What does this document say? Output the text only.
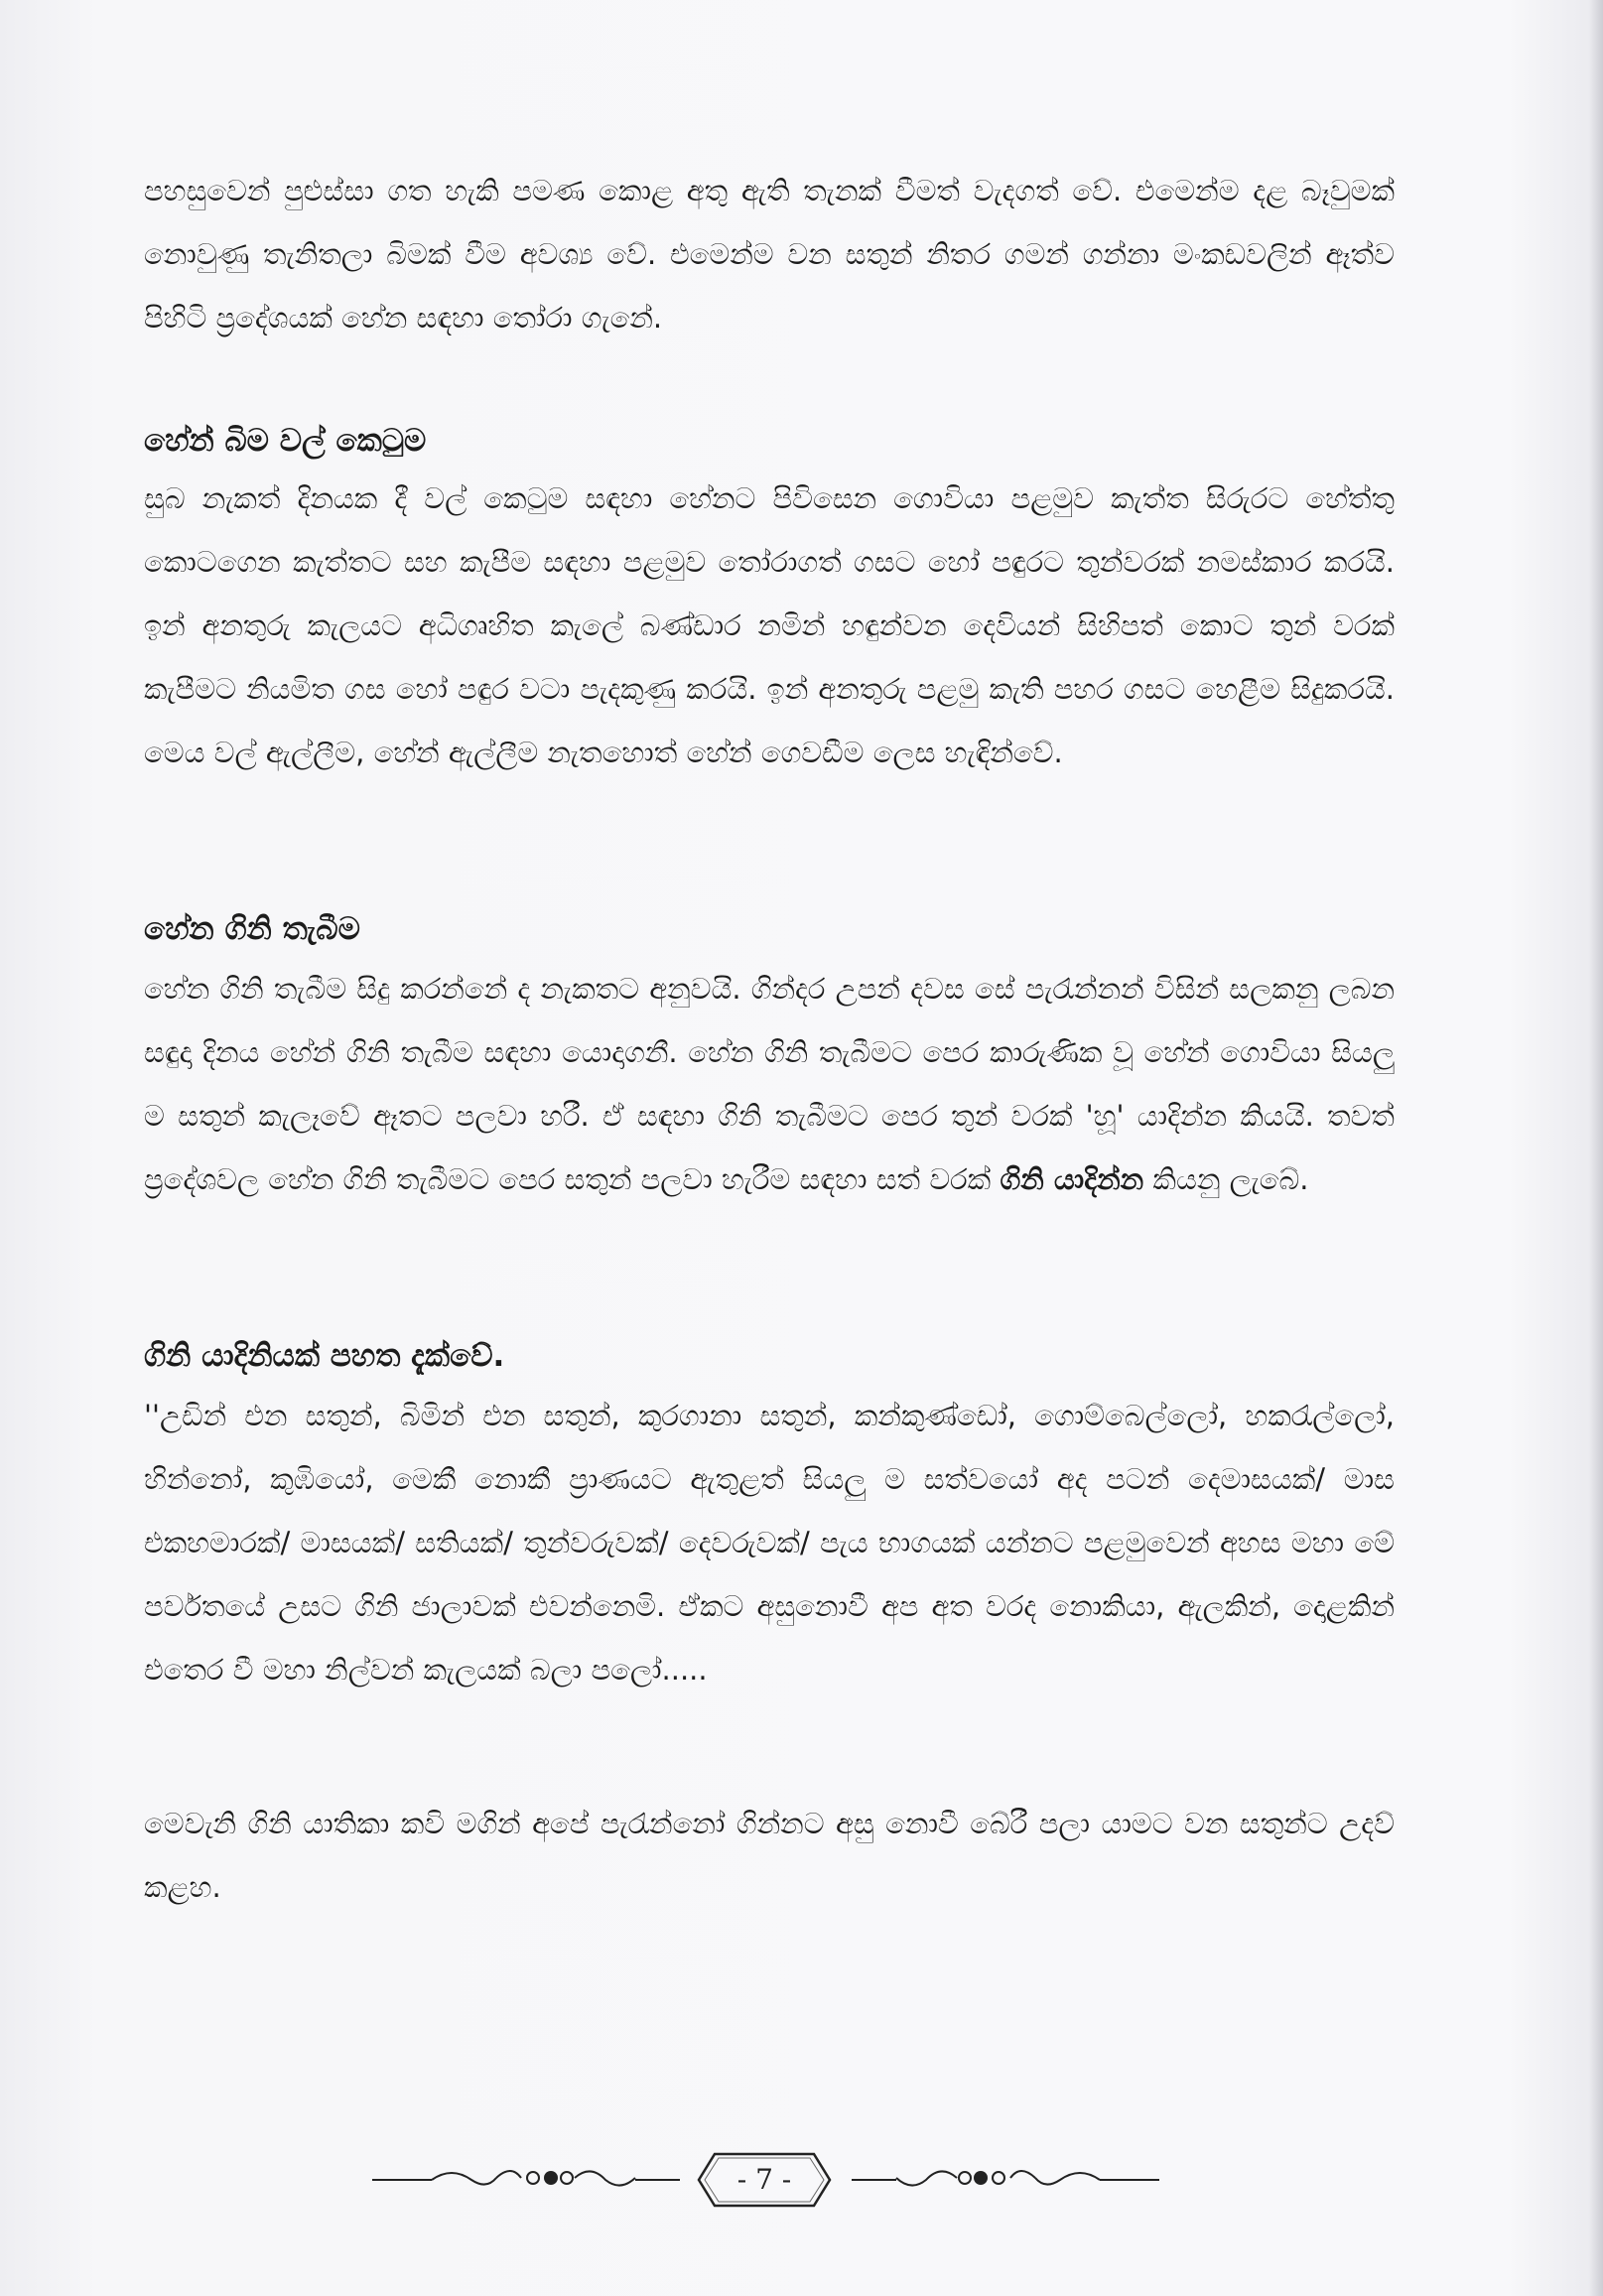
පහසුවෙන් පුළුස්සා ගත හැකි පමණ කොළ අතු ඇති තැනක් වීමත් වැදගත් වේ. එමෙන්ම දළ බෑවුමක් නොවුණු තැනිතලා බිමක් වීම අවශ්‍ය වේ. එමෙන්ම වන සතුන් නිතර ගමන් ගන්නා මංකඩවලින් ඈත්ව පිහිටි ප්‍රදේශයක් හේන සඳහා තෝරා ගැනේ.

හේන් බිම වල් කෙටුම

සුබ නැකත් දිනයක දී වල් කෙටුම සඳහා හේනට පිවිසෙන ගොවියා පළමුව කැත්ත සිරුරට හේත්තු කොටගෙන කැත්තට සහ කැපීම සඳහා පළමුව තෝරාගත් ගසට හෝ පඳුරට තුන්වරක් නමස්කාර කරයි. ඉන් අනතුරු කැලයට අධිගෘහිත කැලේ බණ්ඩාර නමින් හඳුන්වන දෙවියන් සිහිපත් කොට තුන් වරක් කැපීමට නියමිත ගස හෝ පඳුර වටා පැදකුණු කරයි. ඉන් අනතුරු පළමු කැති පහර ගසට හෙළීම සිදුකරයි. මෙය වල් ඇල්ලීම, හේන් ඇල්ලීම නැතහොත් හේන් ගෙවඩීම ලෙස හැඳින්වේ.

හේන ගිනි තැබීම

හේන ගිනි තැබීම සිදු කරන්නේ ද නැකතට අනුවයි. ගින්දර උපන් දවස සේ පැරැන්නන් විසින් සලකනු ලබන සඳුදා දිනය හේන් ගිනි තැබීම සඳහා යොදාගනී. හේන ගිනි තැබීමට පෙර කාරුණික වූ හේන් ගොවියා සියලු ම සතුන් කැලෑවේ ඈතට පලවා හරී. ඒ සඳහා ගිනි තැබීමට පෙර තුන් වරක් 'හූ' යාදින්න කියයි. තවත් ප්‍රදේශවල හේන ගිනි තැබීමට පෙර සතුන් පලවා හැරීම සඳහා සත් වරක් ගිනි යාදින්න කියනු ලැබේ.

ගිනි යාදිනියක් පහත දැක්වේ.

''උඩින් එන සතුන්, බිමින් එන සතුන්, කුරගානා සතුන්, කන්කුණ්ඩෝ, ගොම්බෙල්ලෝ, හකරැල්ලෝ, හින්නෝ, කුඹියෝ, මෙකී නොකී ප්‍රාණයට ඇතුළත් සියලු ම සත්වයෝ අද පටන් දෙමාසයක්/ මාස එකහමාරක්/ මාසයක්/ සතියක්/ තුන්වරුවක්/ දෙවරුවක්/ පැය භාගයක් යන්නට පළමුවෙන් අහස මහා මේ පර්වතයේ උසට ගිනි ජාලාවක් එවන්නෙමි. ඒකට අසුනොවී අප අත වරද නොකියා, ඇලකින්, දොළකින් එතෙර වී මහා නිල්වන් කැලයක් බලා පලෝ.....

මෙවැනි ගිනි යාතිකා කවි මගින් අපේ පැරැන්නෝ ගින්නට අසු නොවී බේරී පලා යාමට වන සතුන්ට උදව් කළහ.

- 7 -
